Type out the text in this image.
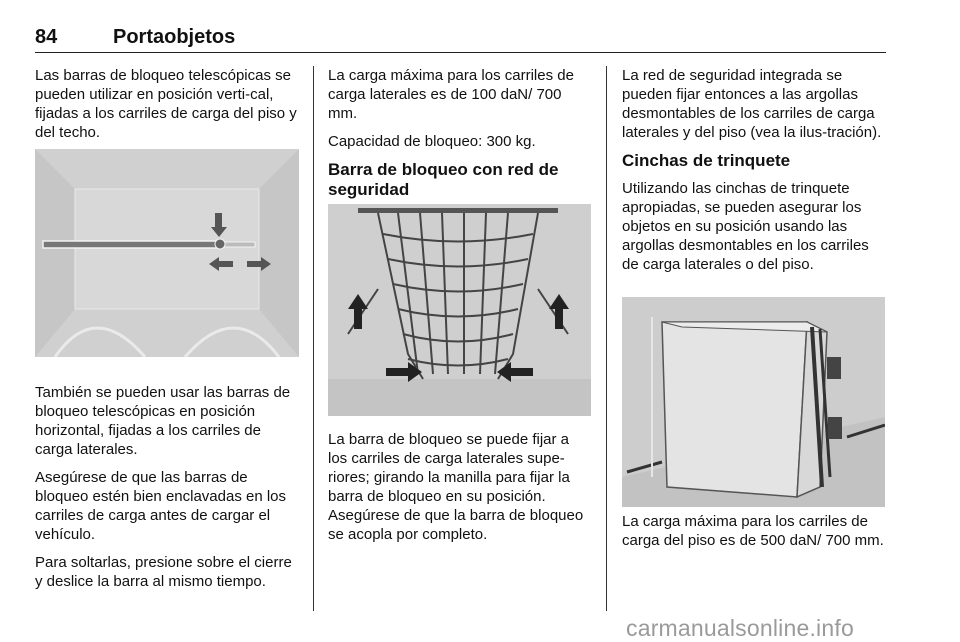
84	Portaobjetos

Las barras de bloqueo telescópicas se pueden utilizar en posición verti-cal, fijadas a los carriles de carga del piso y del techo.

También se pueden usar las barras de bloqueo telescópicas en posición horizontal, fijadas a los carriles de carga laterales.

Asegúrese de que las barras de bloqueo estén bien enclavadas en los carriles de carga antes de cargar el vehículo.

Para soltarlas, presione sobre el cierre y deslice la barra al mismo tiempo.

La carga máxima para los carriles de carga laterales es de 100 daN/ 700 mm.

Capacidad de bloqueo: 300 kg.

Barra de bloqueo con red de seguridad

La barra de bloqueo se puede fijar a los carriles de carga laterales supe-riores; girando la manilla para fijar la barra de bloqueo en su posición. Asegúrese de que la barra de bloqueo se acopla por completo.

La red de seguridad integrada se pueden fijar entonces a las argollas desmontables de los carriles de carga laterales y del piso (vea la ilus-tración).

Cinchas de trinquete

Utilizando las cinchas de trinquete apropiadas, se pueden asegurar los objetos en su posición usando las argollas desmontables en los carriles de carga laterales o del piso.

La carga máxima para los carriles de carga del piso es de 500 daN/ 700 mm.

carmanualsonline.info
